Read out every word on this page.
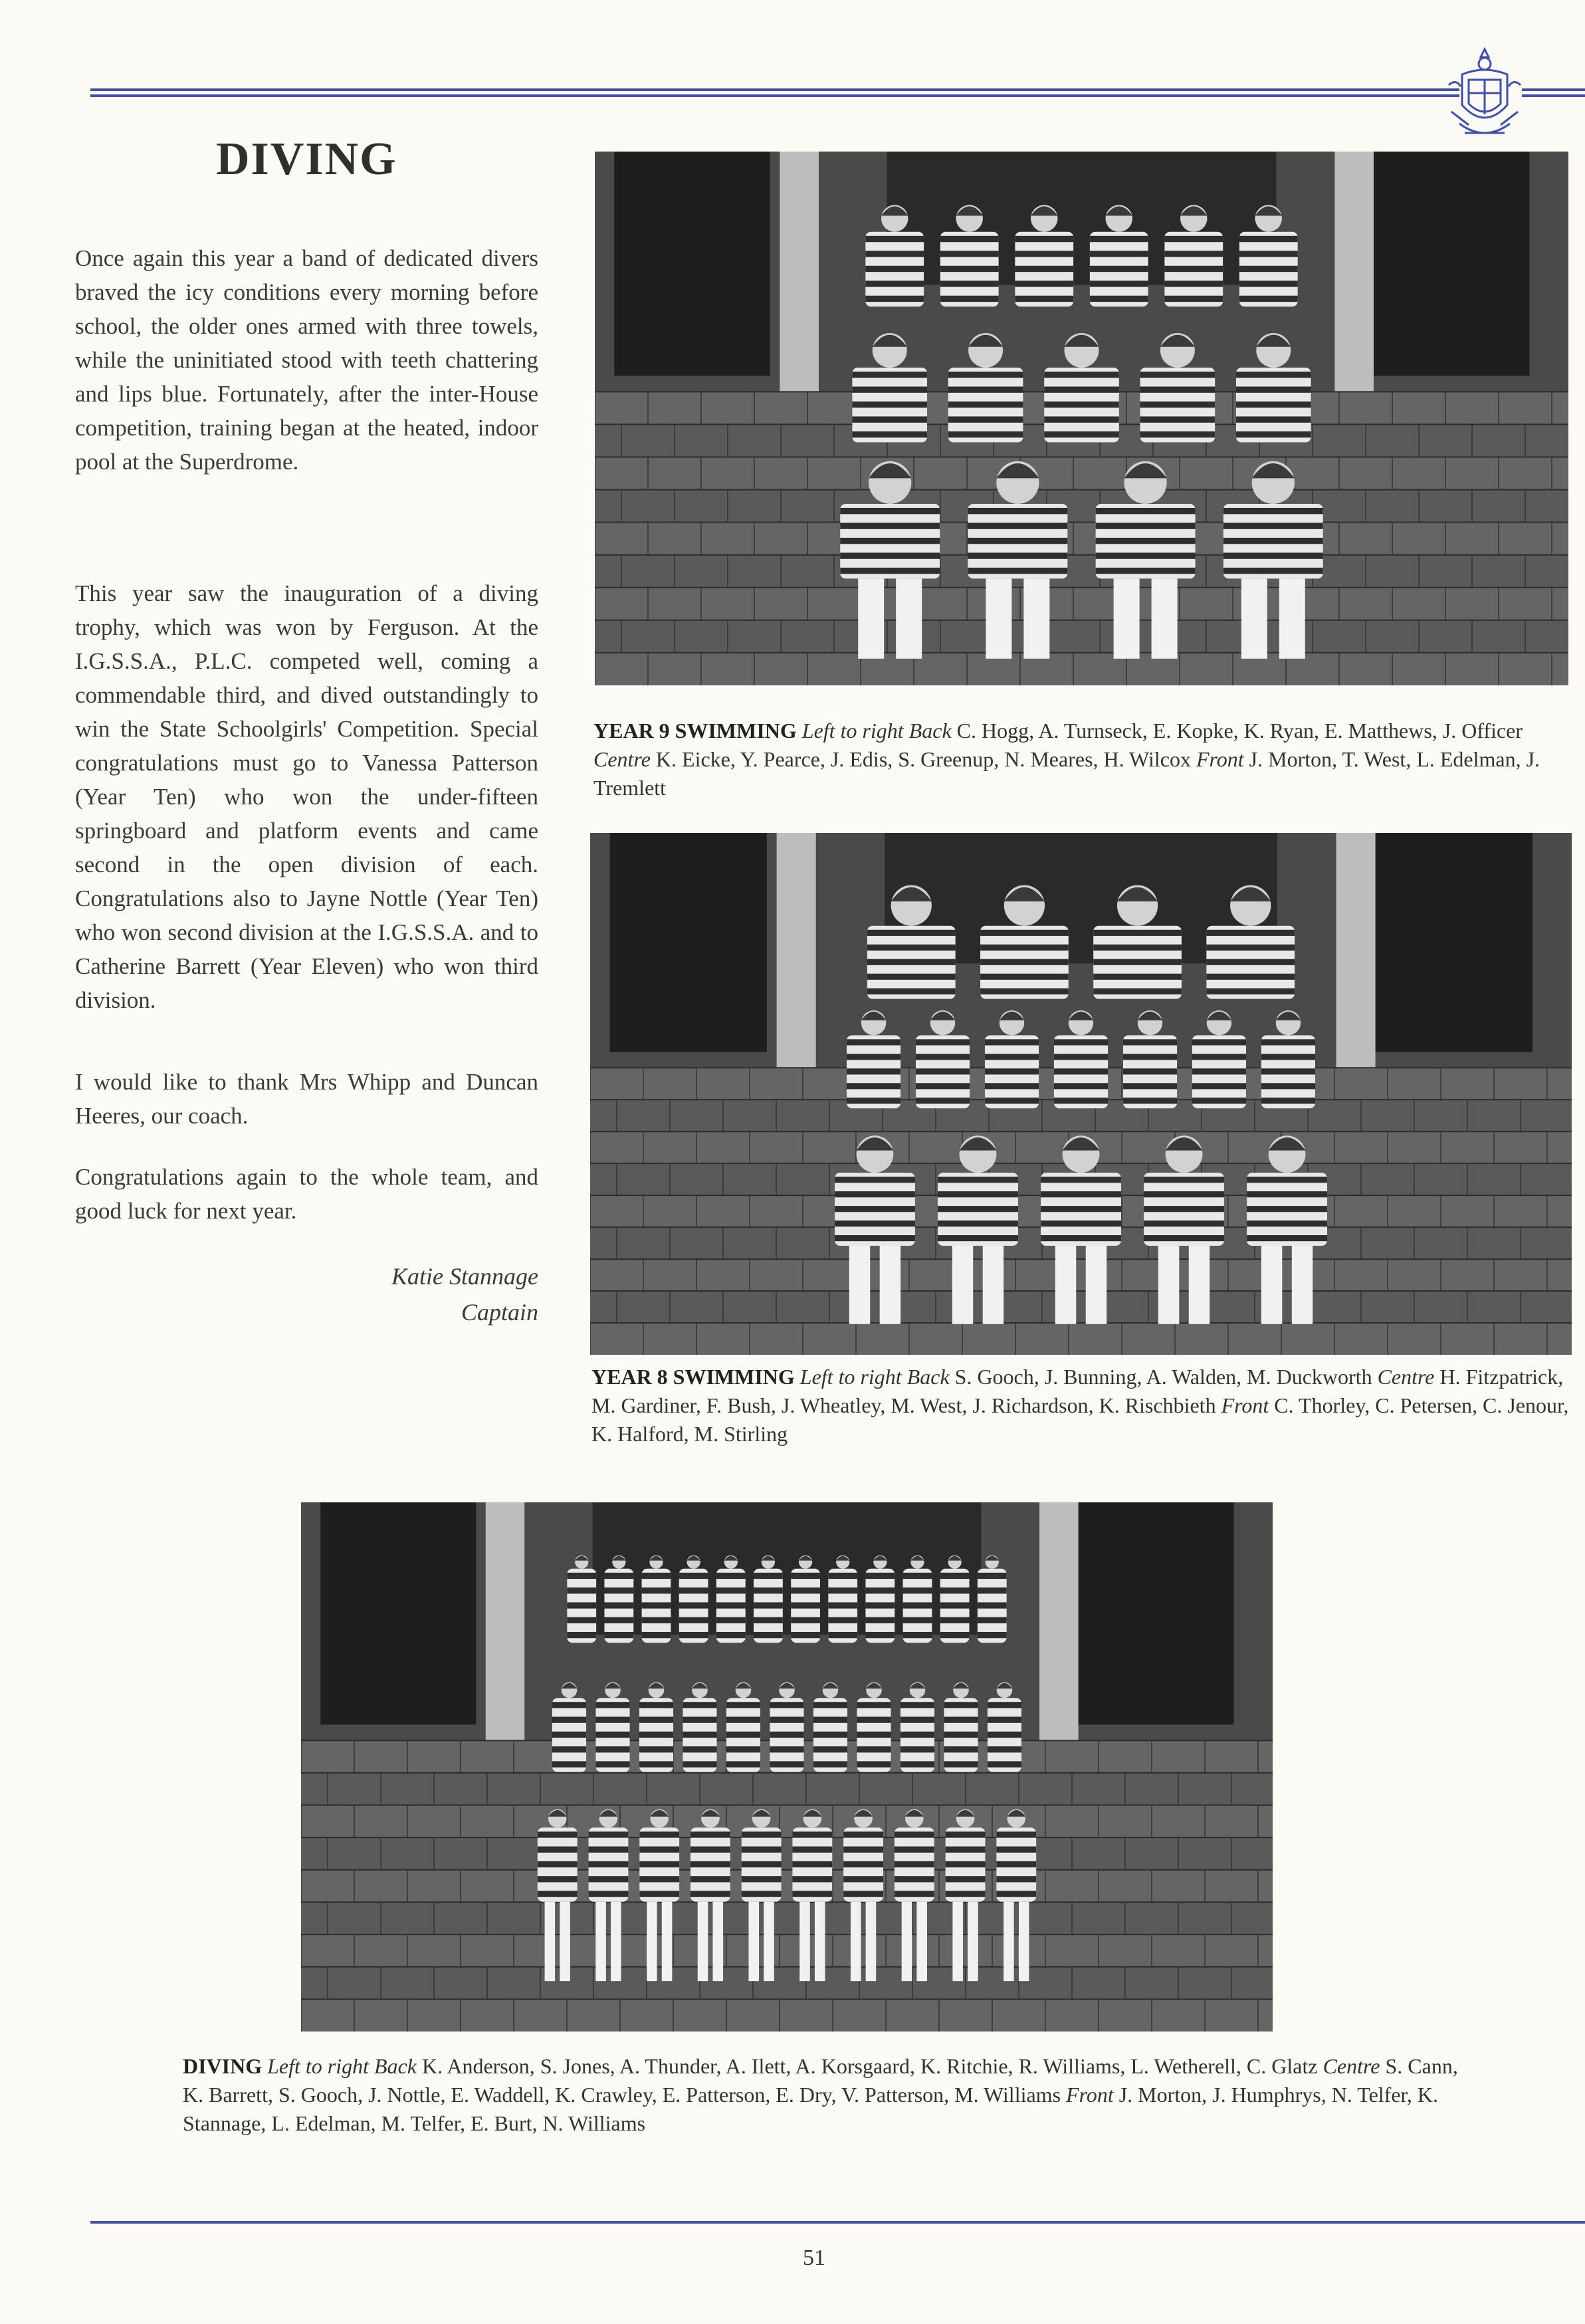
DIVING

Once again this year a band of dedicated divers braved the icy conditions every morning before school, the older ones armed with three towels, while the uninitiated stood with teeth chattering and lips blue. Fortunately, after the inter-House competition, training began at the heated, indoor pool at the Superdrome.

This year saw the inauguration of a diving trophy, which was won by Ferguson. At the I.G.S.S.A., P.L.C. competed well, coming a commendable third, and dived outstandingly to win the State Schoolgirls' Competition. Special congratulations must go to Vanessa Patterson (Year Ten) who won the under-fifteen springboard and platform events and came second in the open division of each. Congratulations also to Jayne Nottle (Year Ten) who won second division at the I.G.S.S.A. and to Catherine Barrett (Year Eleven) who won third division.

I would like to thank Mrs Whipp and Duncan Heeres, our coach.

Congratulations again to the whole team, and good luck for next year.

Katie Stannage
Captain
YEAR 9 SWIMMING Left to right Back C. Hogg, A. Turnseck, E. Kopke, K. Ryan, E. Matthews, J. Officer Centre K. Eicke, Y. Pearce, J. Edis, S. Greenup, N. Meares, H. Wilcox Front J. Morton, T. West, L. Edelman, J. Tremlett
YEAR 8 SWIMMING Left to right Back S. Gooch, J. Bunning, A. Walden, M. Duckworth Centre H. Fitzpatrick, M. Gardiner, F. Bush, J. Wheatley, M. West, J. Richardson, K. Rischbieth Front C. Thorley, C. Petersen, C. Jenour, K. Halford, M. Stirling
DIVING Left to right Back K. Anderson, S. Jones, A. Thunder, A. Ilett, A. Korsgaard, K. Ritchie, R. Williams, L. Wetherell, C. Glatz Centre S. Cann, K. Barrett, S. Gooch, J. Nottle, E. Waddell, K. Crawley, E. Patterson, E. Dry, V. Patterson, M. Williams Front J. Morton, J. Humphrys, N. Telfer, K. Stannage, L. Edelman, M. Telfer, E. Burt, N. Williams
51
